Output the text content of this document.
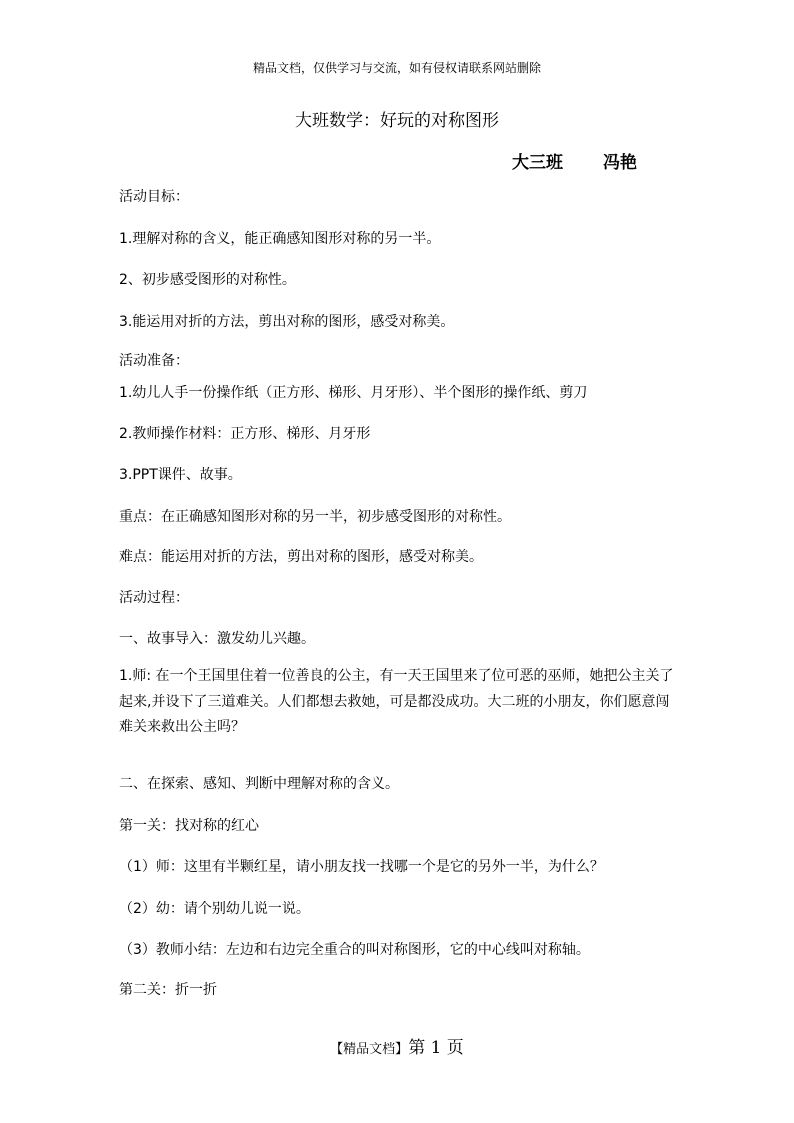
精品文档，仅供学习与交流，如有侵权请联系网站删除
大班数学：好玩的对称图形
大三班 冯艳
活动目标：
1.理解对称的含义，能正确感知图形对称的另一半。
2、初步感受图形的对称性。
3.能运用对折的方法，剪出对称的图形，感受对称美。
活动准备：
1.幼儿人手一份操作纸（正方形、梯形、月牙形）、半个图形的操作纸、剪刀
2.教师操作材料：正方形、梯形、月牙形
3.PPT课件、故事。
重点：在正确感知图形对称的另一半，初步感受图形的对称性。
难点：能运用对折的方法，剪出对称的图形，感受对称美。
活动过程：
一、故事导入：激发幼儿兴趣。
1.师: 在一个王国里住着一位善良的公主，有一天王国里来了位可恶的巫师，她把公主关了起来,并设下了三道难关。人们都想去救她，可是都没成功。大二班的小朋友，你们愿意闯难关来救出公主吗？
二、在探索、感知、判断中理解对称的含义。
第一关：找对称的红心
（1）师：这里有半颗红星，请小朋友找一找哪一个是它的另外一半，为什么？
（2）幼：请个别幼儿说一说。
（3）教师小结：左边和右边完全重合的叫对称图形，它的中心线叫对称轴。
第二关：折一折
【精品文档】第 1 页
